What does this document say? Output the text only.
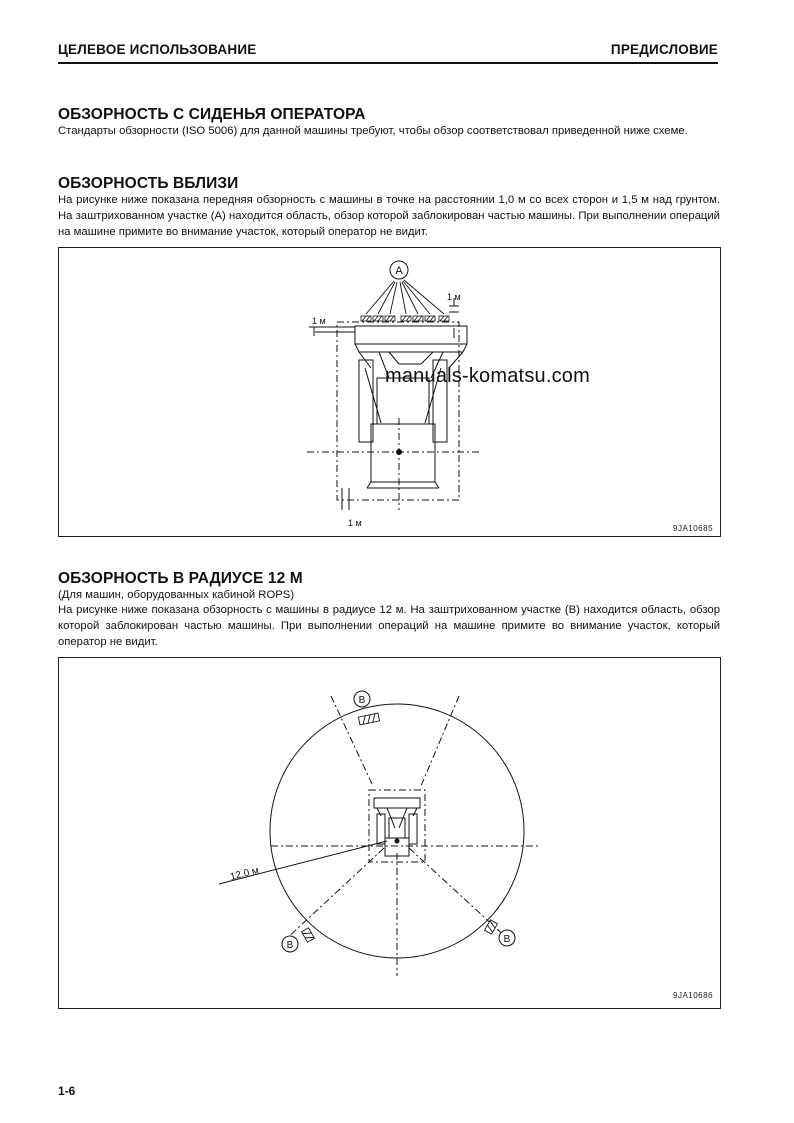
ЦЕЛЕВОЕ ИСПОЛЬЗОВАНИЕ	ПРЕДИСЛОВИЕ
ОБЗОРНОСТЬ С СИДЕНЬЯ ОПЕРАТОРА

Стандарты обзорности (ISO 5006) для данной машины требуют, чтобы обзор соответствовал приведенной ниже схеме.

ОБЗОРНОСТЬ ВБЛИЗИ

На рисунке ниже показана передняя обзорность с машины в точке на расстоянии 1,0 м со всех сторон и 1,5 м над грунтом. На заштрихованном участке (A) находится область, обзор которой заблокирован частью машины. При выполнении операций на машине примите во внимание участок, который оператор не видит.

A
1 м
1 м
1 м
9JA10685
manuals-komatsu.com
ОБЗОРНОСТЬ В РАДИУСЕ 12 М

(Для машин, оборудованных кабиной ROPS)

На рисунке ниже показана обзорность с машины в радиусе 12 м. На заштрихованном участке (B) находится область, обзор которой заблокирован частью машины. При выполнении операций на машине примите во внимание участок, который оператор не видит.

B
B
B
12,0 м
9JA10686
1-6
